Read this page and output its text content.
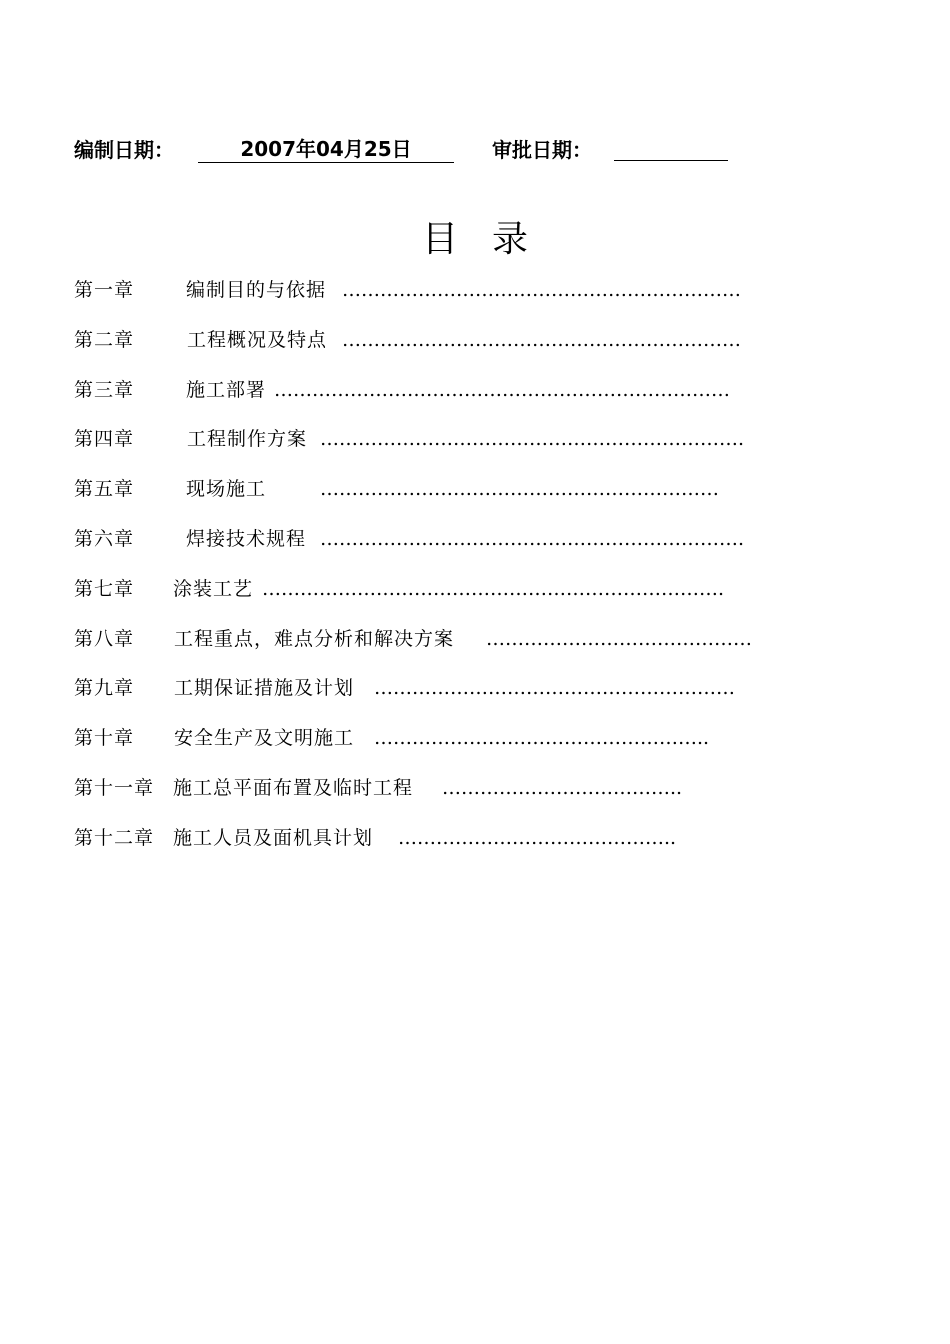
编制日期：	2007年04月25日	审批日期：
目录
第一章	编制目的与依据 ………………………………………………………
第二章	工程概况及特点 ………………………………………………………
第三章	施工部署 ………………………………………………………………
第四章	工程制作方案 ………………………………………………………….
第五章	现场施工	………………………………………………………
第六章	焊接技术规程 ………………………………………………………….
第七章 涂装工艺 ……………………………………………………………….
第八章 工程重点，难点分析和解决方案 ……………………………………
第九章 工期保证措施及计划 …………………………………………………
第十章 安全生产及文明施工 ……………………………………………..
第十一章 施工总平面布置及临时工程 ………………………………..
第十二章 施工人员及面机具计划 ……………………………………..
